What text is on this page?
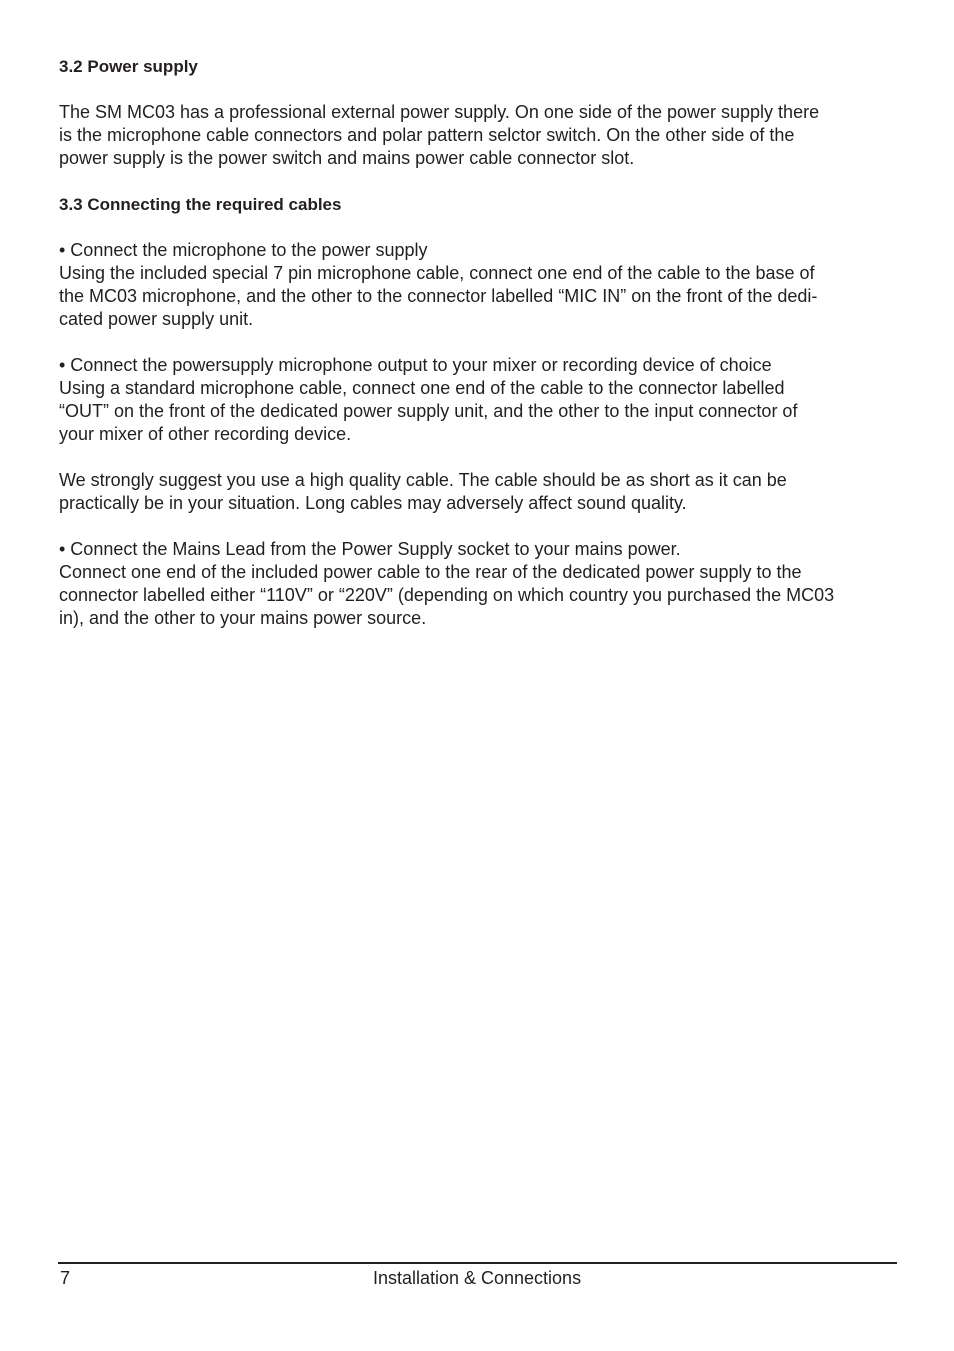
3.2 Power supply
The SM MC03 has a professional external power supply. On one side of the power supply there
is the microphone cable connectors and polar pattern selctor switch. On the other side of the
power supply is the power switch and mains power cable connector slot.
3.3 Connecting the required cables
• Connect the microphone to the power supply
Using the included special 7 pin microphone cable, connect one end of the cable to the base of
the MC03 microphone, and the other to the connector labelled “MIC IN” on the front of the dedi-
cated power supply unit.
• Connect the powersupply microphone output to your mixer or recording device of choice
Using a standard microphone cable, connect one end of the cable to the connector labelled
“OUT” on the front of the dedicated power supply unit, and the other to the input connector of
your mixer of other recording device.
We strongly suggest you use a high quality cable. The cable should be as short as it can be
practically be in your situation. Long cables may adversely affect sound quality.
• Connect the Mains Lead from the Power Supply socket to your mains power.
Connect one end of the included power cable to the rear of the dedicated power supply to the
connector labelled either “110V” or “220V” (depending on which country you purchased the MC03
in), and the other to your mains power source.
Installation & Connections
7
